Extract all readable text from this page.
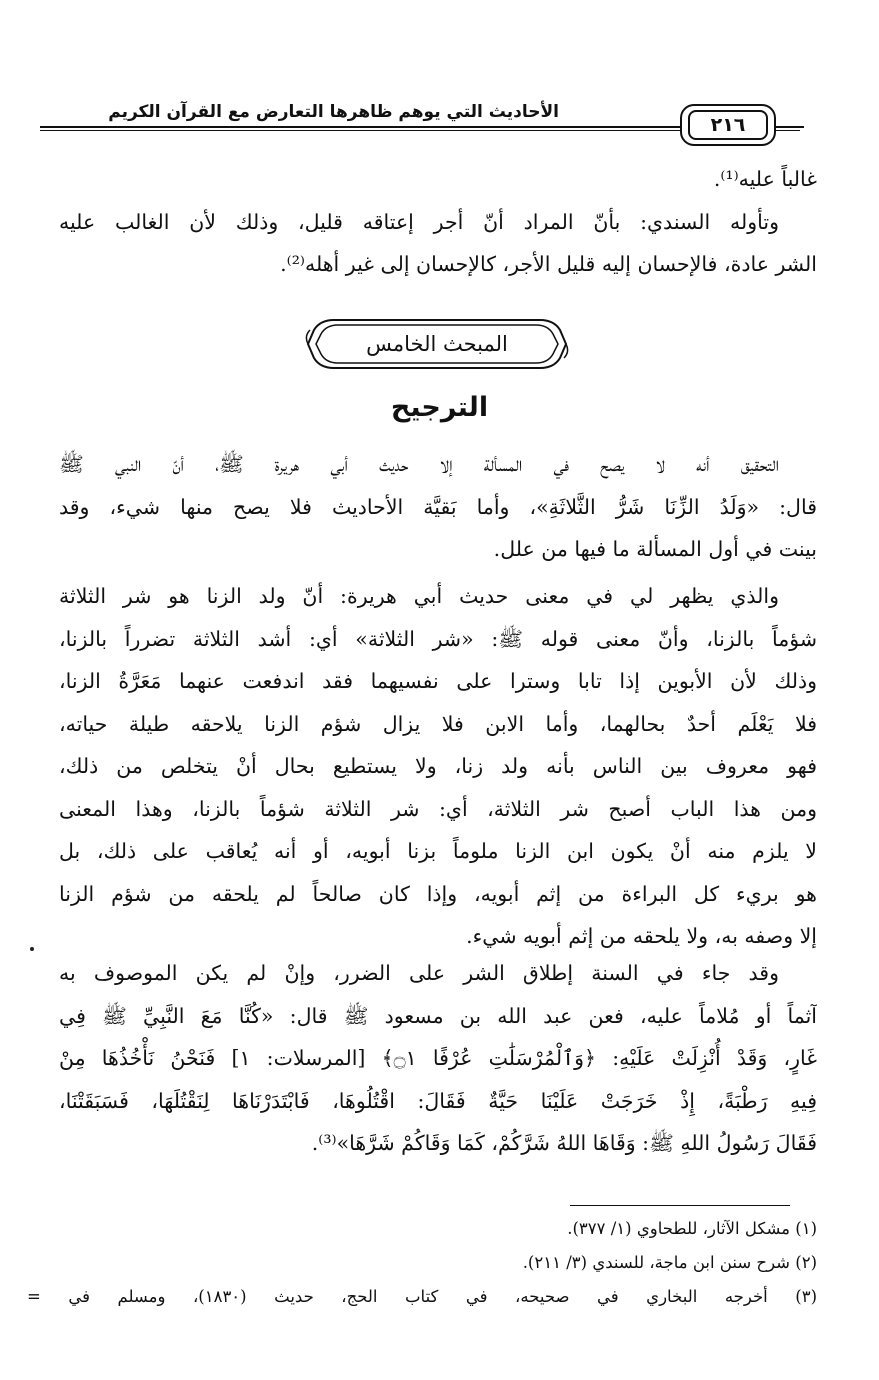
الأحاديث التي يوهم ظاهرها التعارض مع القرآن الكريم
٢١٦
غالباً عليه⁽¹⁾.
وتأوله السندي: بأنّ المراد أنّ أجر إعتاقه قليل، وذلك لأن الغالب عليه
الشر عادة، فالإحسان إليه قليل الأجر، كالإحسان إلى غير أهله⁽²⁾.
المبحث الخامس
الترجيح
التحقيق أنه لا يصح في المسألة إلا حديث أبي هريرة ﷺ، أنّ النبي ﷺ
قال: «وَلَدُ الزِّنَا شَرُّ الثَّلاثَةِ»، وأما بَقيَّة الأحاديث فلا يصح منها شيء، وقد
بينت في أول المسألة ما فيها من علل.
والذي يظهر لي في معنى حديث أبي هريرة: أنّ ولد الزنا هو شر الثلاثة
شؤماً بالزنا، وأنّ معنى قوله ﷺ: «شر الثلاثة» أي: أشد الثلاثة تضرراً بالزنا،
وذلك لأن الأبوين إذا تابا وسترا على نفسيهما فقد اندفعت عنهما مَعَرَّةُ الزنا،
فلا يَعْلَم أحدٌ بحالهما، وأما الابن فلا يزال شؤم الزنا يلاحقه طيلة حياته،
فهو معروف بين الناس بأنه ولد زنا، ولا يستطيع بحال أنْ يتخلص من ذلك،
ومن هذا الباب أصبح شر الثلاثة، أي: شر الثلاثة شؤماً بالزنا، وهذا المعنى
لا يلزم منه أنْ يكون ابن الزنا ملوماً بزنا أبويه، أو أنه يُعاقب على ذلك، بل
هو بريء كل البراءة من إثم أبويه، وإذا كان صالحاً لم يلحقه من شؤم الزنا
إلا وصفه به، ولا يلحقه من إثم أبويه شيء.
وقد جاء في السنة إطلاق الشر على الضرر، وإنْ لم يكن الموصوف به
آثماً أو مُلاماً عليه، فعن عبد الله بن مسعود ﷺ قال: «كُنَّا مَعَ النَّبِيِّ ﷺ فِي
غَارٍ، وَقَدْ أُنْزِلَتْ عَلَيْهِ: ﴿وَٱلْمُرْسَلَٰتِ عُرْفًا ۝١﴾ [المرسلات: ١] فَنَحْنُ نَأْخُذُهَا مِنْ
فِيهِ رَطْبَةً، إِذْ خَرَجَتْ عَلَيْنَا حَيَّةٌ فَقَالَ: اقْتُلُوهَا، فَابْتَدَرْنَاهَا لِنَقْتُلَهَا، فَسَبَقَتْنَا،
فَقَالَ رَسُولُ اللهِ ﷺ: وَقَاهَا اللهُ شَرَّكُمْ، كَمَا وَقَاكُمْ شَرَّهَا»⁽³⁾.
(١) مشكل الآثار، للطحاوي (١/ ٣٧٧).
(٢) شرح سنن ابن ماجة، للسندي (٣/ ٢١١).
(٣) أخرجه البخاري في صحيحه، في كتاب الحج، حديث (١٨٣٠)، ومسلم في =
